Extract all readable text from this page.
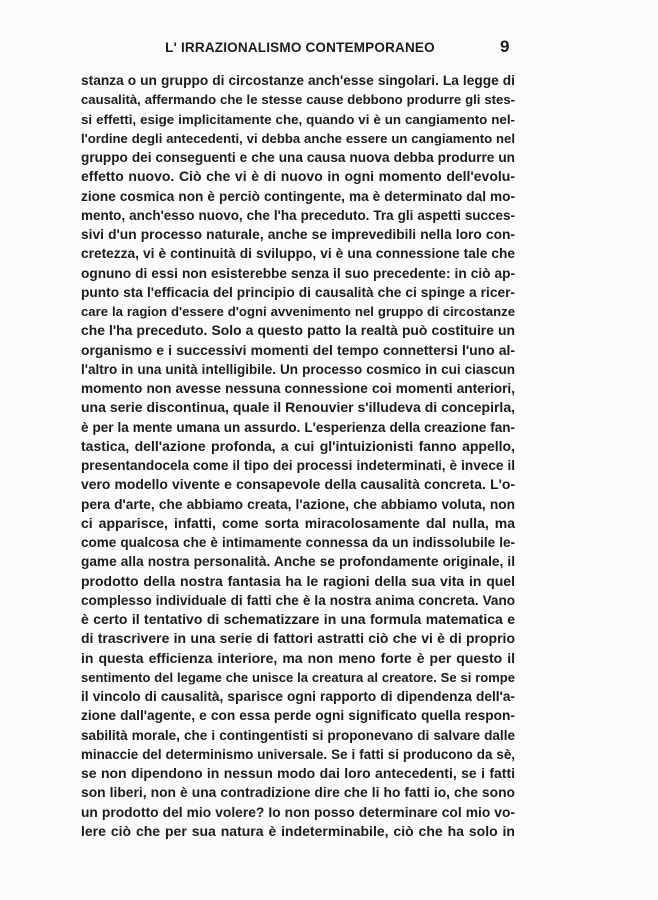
L' IRRAZIONALISMO CONTEMPORANEO	9
stanza o un gruppo di circostanze anch'esse singolari. La legge di
causalità, affermando che le stesse cause debbono produrre gli stes-
si effetti, esige implicitamente che, quando vi è un cangiamento nel-
l'ordine degli antecedenti, vi debba anche essere un cangiamento nel
gruppo dei conseguenti e che una causa nuova debba produrre un
effetto nuovo. Ciò che vi è di nuovo in ogni momento dell'evolu-
zione cosmica non è perciò contingente, ma è determinato dal mo-
mento, anch'esso nuovo, che l'ha preceduto. Tra gli aspetti succes-
sivi d'un processo naturale, anche se imprevedibili nella loro con-
cretezza, vi è continuità di sviluppo, vi è una connessione tale che
ognuno di essi non esisterebbe senza il suo precedente: in ciò ap-
punto sta l'efficacia del principio di causalità che ci spinge a ricer-
care la ragion d'essere d'ogni avvenimento nel gruppo di circostanze
che l'ha preceduto. Solo a questo patto la realtà può costituire un
organismo e i successivi momenti del tempo connettersi l'uno al-
l'altro in una unità intelligibile. Un processo cosmico in cui ciascun
momento non avesse nessuna connessione coi momenti anteriori,
una serie discontinua, quale il Renouvier s'illudeva di concepirla,
è per la mente umana un assurdo. L'esperienza della creazione fan-
tastica, dell'azione profonda, a cui gl'intuizionisti fanno appello,
presentandocela come il tipo dei processi indeterminati, è invece il
vero modello vivente e consapevole della causalità concreta. L'o-
pera d'arte, che abbiamo creata, l'azione, che abbiamo voluta, non
ci apparisce, infatti, come sorta miracolosamente dal nulla, ma
come qualcosa che è intimamente connessa da un indissolubile le-
game alla nostra personalità. Anche se profondamente originale, il
prodotto della nostra fantasia ha le ragioni della sua vita in quel
complesso individuale di fatti che è la nostra anima concreta. Vano
è certo il tentativo di schematizzare in una formula matematica e
di trascrivere in una serie di fattori astratti ciò che vi è di proprio
in questa efficienza interiore, ma non meno forte è per questo il
sentimento del legame che unisce la creatura al creatore. Se si rompe
il vincolo di causalità, sparisce ogni rapporto di dipendenza dell'a-
zione dall'agente, e con essa perde ogni significato quella respon-
sabilità morale, che i contingentisti si proponevano di salvare dalle
minaccie del determinismo universale. Se i fatti si producono da sè,
se non dipendono in nessun modo dai loro antecedenti, se i fatti
son liberi, non è una contradizione dire che li ho fatti io, che sono
un prodotto del mio volere? Io non posso determinare col mio vo-
lere ciò che per sua natura è indeterminabile, ciò che ha solo in
